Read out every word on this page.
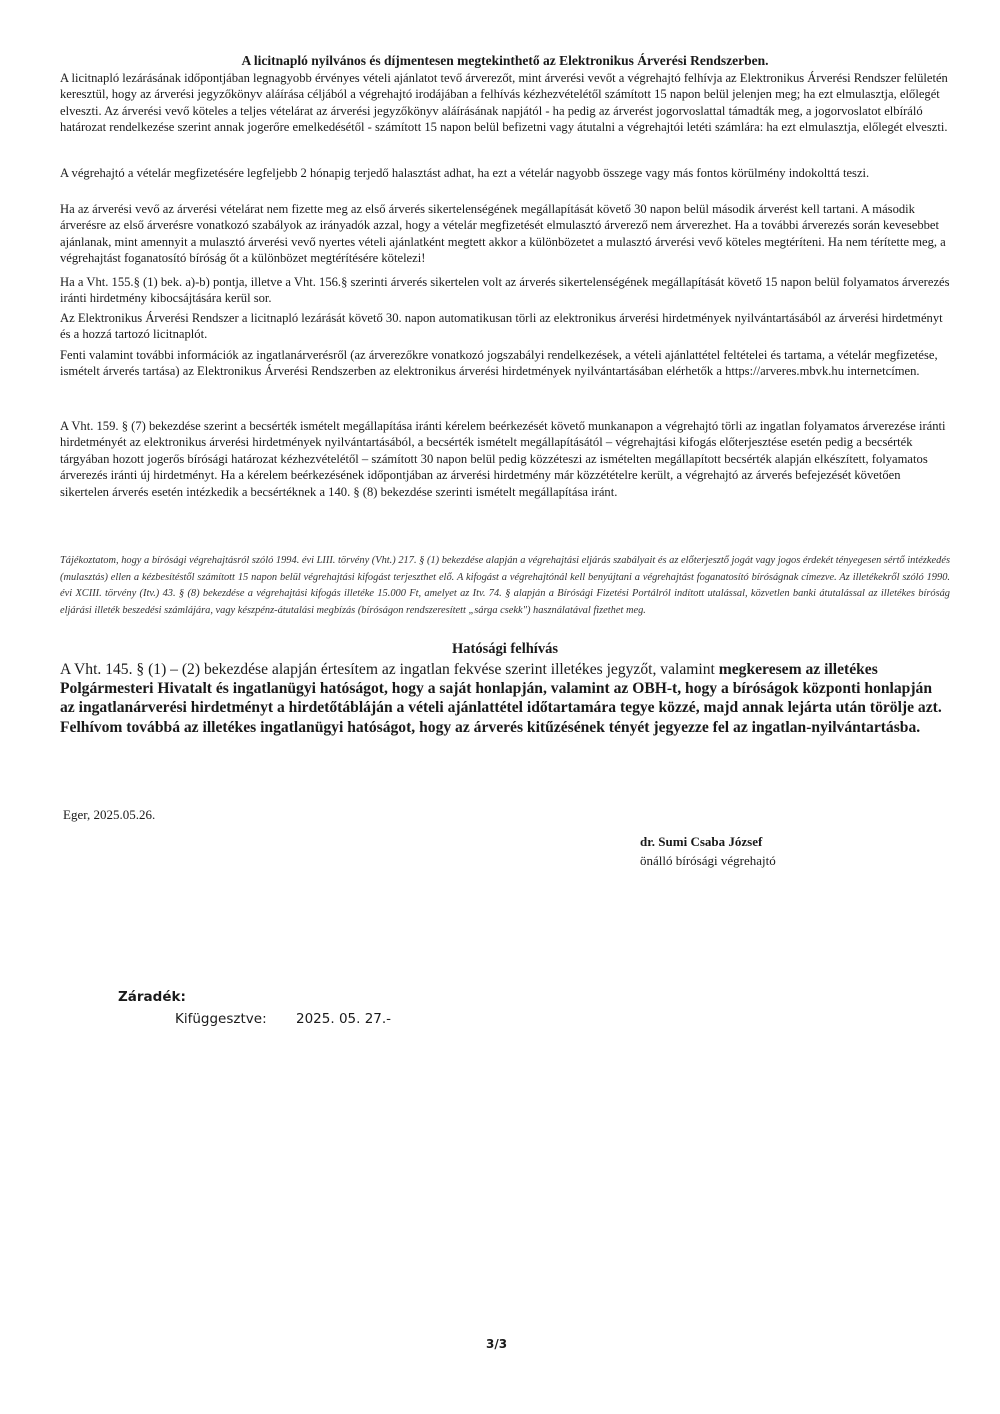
A licitnapló nyilvános és díjmentesen megtekinthető az Elektronikus Árverési Rendszerben.

A licitnapló lezárásának időpontjában legnagyobb érvényes vételi ajánlatot tevő árverezőt, mint árverési vevőt a végrehajtó felhívja az Elektronikus Árverési Rendszer felületén keresztül, hogy az árverési jegyzőkönyv aláírása céljából a végrehajtó irodájában a felhívás kézhezvételétől számított 15 napon belül jelenjen meg; ha ezt elmulasztja, előlegét elveszti. Az árverési vevő köteles a teljes vételárat az árverési jegyzőkönyv aláírásának napjától - ha pedig az árverést jogorvoslattal támadták meg, a jogorvoslatot elbíráló határozat rendelkezése szerint annak jogerőre emelkedésétől - számított 15 napon belül befizetni vagy átutalni a végrehajtói letéti számlára: ha ezt elmulasztja, előlegét elveszti.

A végrehajtó a vételár megfizetésére legfeljebb 2 hónapig terjedő halasztást adhat, ha ezt a vételár nagyobb összege vagy más fontos körülmény indokolttá teszi.

Ha az árverési vevő az árverési vételárat nem fizette meg az első árverés sikertelenségének megállapítását követő 30 napon belül második árverést kell tartani. A második árverésre az első árverésre vonatkozó szabályok az irányadók azzal, hogy a vételár megfizetését elmulasztó árverező nem árverezhet. Ha a további árverezés során kevesebbet ajánlanak, mint amennyit a mulasztó árverési vevő nyertes vételi ajánlatként megtett akkor a különbözetet a mulasztó árverési vevő köteles megtéríteni. Ha nem térítette meg, a végrehajtást foganatosító bíróság őt a különbözet megtérítésére kötelezi!

Ha a Vht. 155.§ (1) bek. a)-b) pontja, illetve a Vht. 156.§ szerinti árverés sikertelen volt az árverés sikertelenségének megállapítását követő 15 napon belül folyamatos árverezés iránti hirdetmény kibocsájtására kerül sor.

Az Elektronikus Árverési Rendszer a licitnapló lezárását követő 30. napon automatikusan törli az elektronikus árverési hirdetmények nyilvántartásából az árverési hirdetményt és a hozzá tartozó licitnaplót.

Fenti valamint további információk az ingatlanárverésről (az árverezőkre vonatkozó jogszabályi rendelkezések, a vételi ajánlattétel feltételei és tartama, a vételár megfizetése, ismételt árverés tartása) az Elektronikus Árverési Rendszerben az elektronikus árverési hirdetmények nyilvántartásában elérhetők a https://arveres.mbvk.hu internetcímen.

A Vht. 159. § (7) bekezdése szerint a becsérték ismételt megállapítása iránti kérelem beérkezését követő munkanapon a végrehajtó törli az ingatlan folyamatos árverezése iránti hirdetményét az elektronikus árverési hirdetmények nyilvántartásából, a becsérték ismételt megállapításától – végrehajtási kifogás előterjesztése esetén pedig a becsérték tárgyában hozott jogerős bírósági határozat kézhezvételétől – számított 30 napon belül pedig közzéteszi az ismételten megállapított becsérték alapján elkészített, folyamatos árverezés iránti új hirdetményt. Ha a kérelem beérkezésének időpontjában az árverési hirdetmény már közzétételre került, a végrehajtó az árverés befejezését követően sikertelen árverés esetén intézkedik a becsértéknek a 140. § (8) bekezdése szerinti ismételt megállapítása iránt.

Tájékoztatom, hogy a bírósági végrehajtásról szóló 1994. évi LIII. törvény (Vht.) 217. § (1) bekezdése alapján a végrehajtási eljárás szabályait és az előterjesztő jogát vagy jogos érdekét tényegesen sértő intézkedés (mulasztás) ellen a kézbesítéstől számított 15 napon belül végrehajtási kifogást terjeszthet elő. A kifogást a végrehajtónál kell benyújtani a végrehajtást foganatosító bíróságnak címezve. Az illetékekről szóló 1990. évi XCIII. törvény (Itv.) 43. § (8) bekezdése a végrehajtási kifogás illetéke 15.000 Ft, amelyet az Itv. 74. § alapján a Bírósági Fizetési Portálról indított utalással, közvetlen banki átutalással az illetékes bíróság eljárási illeték beszedési számlájára, vagy készpénz-átutalási megbízás (bíróságon rendszeresített „sárga csekk") használatával fizethet meg.

Hatósági felhívás

A Vht. 145. § (1) – (2) bekezdése alapján értesítem az ingatlan fekvése szerint illetékes jegyzőt, valamint megkeresem az illetékes Polgármesteri Hivatalt és ingatlanügyi hatóságot, hogy a saját honlapján, valamint az OBH-t, hogy a bíróságok központi honlapján az ingatlanárverési hirdetményt a hirdetőtábláján a vételi ajánlattétel időtartamára tegye közzé, majd annak lejárta után törölje azt. Felhívom továbbá az illetékes ingatlanügyi hatóságot, hogy az árverés kitűzésének tényét jegyezze fel az ingatlan-nyilvántartásba.

Eger, 2025.05.26.
dr. Sumi Csaba József
önálló bírósági végrehajtó
Záradék:
Kifüggesztve: 2025. 05. 27.-
3/3
